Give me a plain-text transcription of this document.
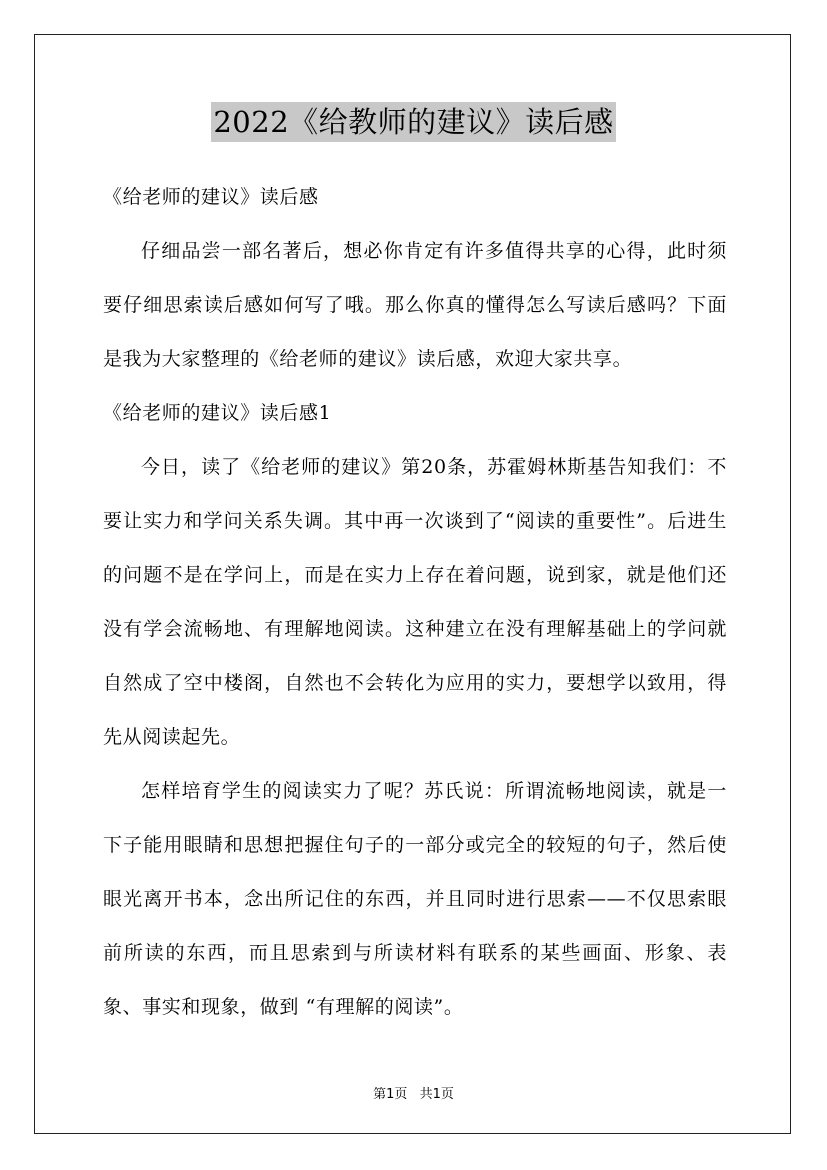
2022《给教师的建议》读后感

《给老师的建议》读后感

仔细品尝一部名著后，想必你肯定有许多值得共享的心得，此时须要仔细思索读后感如何写了哦。那么你真的懂得怎么写读后感吗？下面是我为大家整理的《给老师的建议》读后感，欢迎大家共享。

《给老师的建议》读后感1

今日，读了《给老师的建议》第20条，苏霍姆林斯基告知我们：不要让实力和学问关系失调。其中再一次谈到了“阅读的重要性”。后进生的问题不是在学问上，而是在实力上存在着问题，说到家，就是他们还没有学会流畅地、有理解地阅读。这种建立在没有理解基础上的学问就自然成了空中楼阁，自然也不会转化为应用的实力，要想学以致用，得先从阅读起先。

怎样培育学生的阅读实力了呢？苏氏说：所谓流畅地阅读，就是一下子能用眼睛和思想把握住句子的一部分或完全的较短的句子，然后使眼光离开书本，念出所记住的东西，并且同时进行思索——不仅思索眼前所读的东西，而且思索到与所读材料有联系的某些画面、形象、表象、事实和现象，做到 “有理解的阅读”。

第1页 共1页
